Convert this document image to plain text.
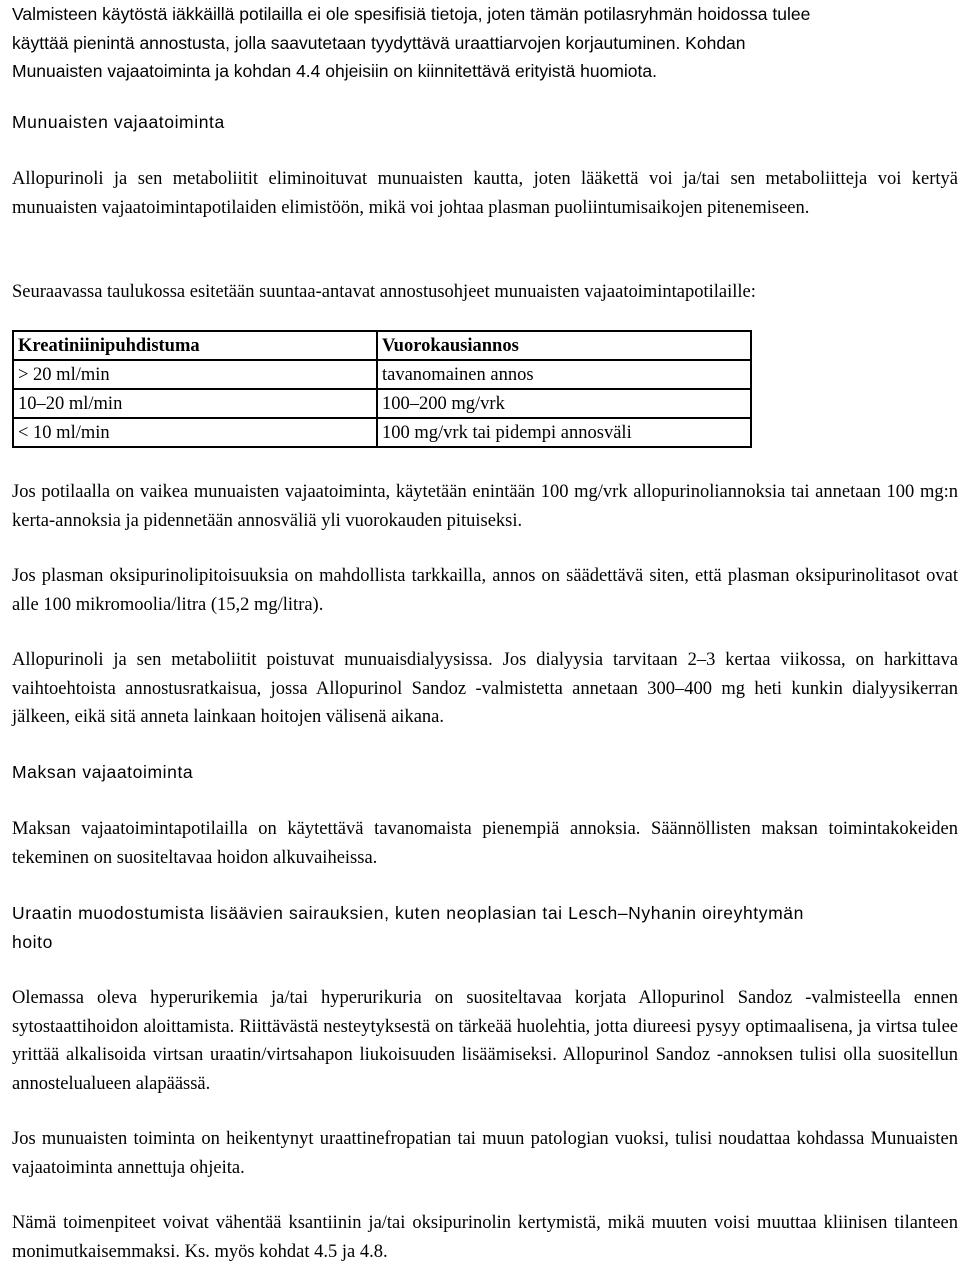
Valmisteen käytöstä iäkkäillä potilailla ei ole spesifisiä tietoja, joten tämän potilasryhmän hoidossa tulee
käyttää pienintä annostusta, jolla saavutetaan tyydyttävä uraattiarvojen korjautuminen. Kohdan
Munuaisten vajaatoiminta ja kohdan 4.4 ohjeisiin on kiinnitettävä erityistä huomiota.
Munuaisten vajaatoiminta
Allopurinoli ja sen metaboliitit eliminoituvat munuaisten kautta, joten lääkettä voi ja/tai sen metaboliitteja voi kertyä munuaisten vajaatoimintapotilaiden elimistöön, mikä voi johtaa plasman puoliintumisaikojen pitenemiseen.
Seuraavassa taulukossa esitetään suuntaa-antavat annostusohjeet munuaisten vajaatoimintapotilaille:
Kreatiniinipuhdistuma	Vuorokausiannos
> 20 ml/min	tavanomainen annos
10–20 ml/min	100–200 mg/vrk
< 10 ml/min	100 mg/vrk tai pidempi annosväli
Jos potilaalla on vaikea munuaisten vajaatoiminta, käytetään enintään 100 mg/vrk allopurinoliannoksia tai annetaan 100 mg:n kerta-annoksia ja pidennetään annosväliä yli vuorokauden pituiseksi.
Jos plasman oksipurinolipitoisuuksia on mahdollista tarkkailla, annos on säädettävä siten, että plasman oksipurinolitasot ovat alle 100 mikromoolia/litra (15,2 mg/litra).
Allopurinoli ja sen metaboliitit poistuvat munuaisdialyysissa. Jos dialyysia tarvitaan 2–3 kertaa viikossa, on harkittava vaihtoehtoista annostusratkaisua, jossa Allopurinol Sandoz -valmistetta annetaan 300–400 mg heti kunkin dialyysikerran jälkeen, eikä sitä anneta lainkaan hoitojen välisenä aikana.
Maksan vajaatoiminta
Maksan vajaatoimintapotilailla on käytettävä tavanomaista pienempiä annoksia. Säännöllisten maksan toimintakokeiden tekeminen on suositeltavaa hoidon alkuvaiheissa.
Uraatin muodostumista lisäävien sairauksien, kuten neoplasian tai Lesch–Nyhanin oireyhtymän
hoito
Olemassa oleva hyperurikemia ja/tai hyperurikuria on suositeltavaa korjata Allopurinol Sandoz -valmisteella ennen sytostaattihoidon aloittamista. Riittävästä nesteytyksestä on tärkeää huolehtia, jotta diureesi pysyy optimaalisena, ja virtsa tulee yrittää alkalisoida virtsan uraatin/virtsahapon liukoisuuden lisäämiseksi. Allopurinol Sandoz -annoksen tulisi olla suositellun annostelualueen alapäässä.
Jos munuaisten toiminta on heikentynyt uraattinefropatian tai muun patologian vuoksi, tulisi noudattaa kohdassa Munuaisten vajaatoiminta annettuja ohjeita.
Nämä toimenpiteet voivat vähentää ksantiinin ja/tai oksipurinolin kertymistä, mikä muuten voisi muuttaa kliinisen tilanteen monimutkaisemmaksi. Ks. myös kohdat 4.5 ja 4.8.
